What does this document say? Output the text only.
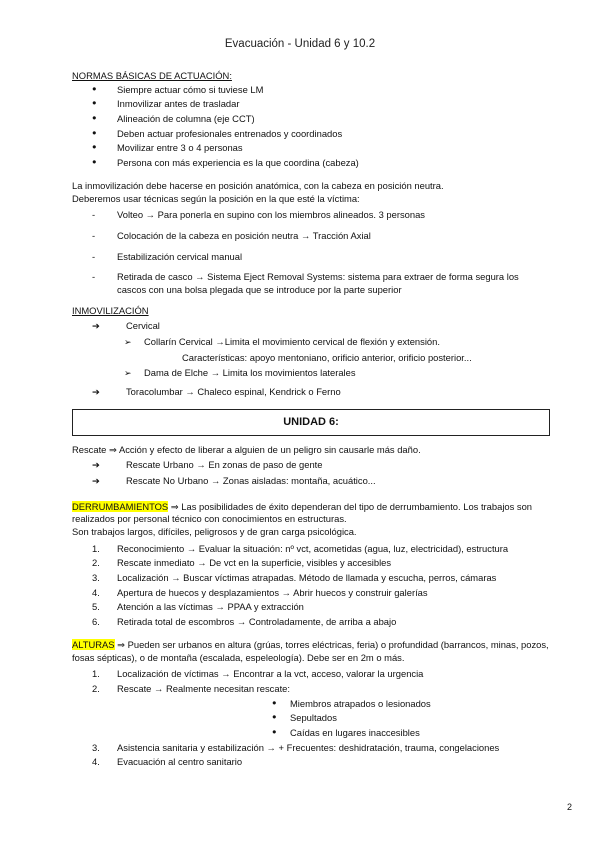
Evacuación - Unidad 6 y 10.2
NORMAS BÁSICAS DE ACTUACIÓN:
● Siempre actuar cómo si tuviese LM
● Inmovilizar antes de trasladar
● Alineación de columna (eje CCT)
● Deben actuar profesionales entrenados y coordinados
● Movilizar entre 3 o 4 personas
● Persona con más experiencia es la que coordina (cabeza)

La inmovilización debe hacerse en posición anatómica, con la cabeza en posición neutra.

Deberemos usar técnicas según la posición en la que esté la víctima:

- Volteo → Para ponerla en supino con los miembros alineados. 3 personas
- Colocación de la cabeza en posición neutra → Tracción Axial
- Estabilización cervical manual
- Retirada de casco → Sistema Eject Removal Systems: sistema para extraer de forma segura los cascos con una bolsa plegada que se introduce por la parte superior
INMOVILIZACIÓN
➔	Cervical
➢ Collarín Cervical →Limita el movimiento cervical de flexión y extensión.
Características: apoyo mentoniano, orificio anterior, orificio posterior...
➢ Dama de Elche → Limita los movimientos laterales
➔	Toracolumbar → Chaleco espinal, Kendrick o Ferno
UNIDAD 6:

Rescate ⇒ Acción y efecto de liberar a alguien de un peligro sin causarle más daño.

➔	Rescate Urbano → En zonas de paso de gente
➔	Rescate No Urbano → Zonas aisladas: montaña, acuático...

DERRUMBAMIENTOS ⇒ Las posibilidades de éxito dependeran del tipo de derrumbamiento. Los trabajos son realizados por personal técnico con conocimientos en estructuras.

Son trabajos largos, difíciles, peligrosos y de gran carga psicológica.

1. Reconocimiento → Evaluar la situación: nº vct, acometidas (agua, luz, electricidad), estructura
2. Rescate inmediato → De vct en la superficie, visibles y accesibles
3. Localización → Buscar víctimas atrapadas. Método de llamada y escucha, perros, cámaras
4. Apertura de huecos y desplazamientos → Abrir huecos y construir galerías
5. Atención a las víctimas → PPAA y extracción
6. Retirada total de escombros → Controladamente, de arriba a abajo

ALTURAS ⇒ Pueden ser urbanos en altura (grúas, torres eléctricas, feria) o profundidad (barrancos, minas, pozos, fosas sépticas), o de montaña (escalada, espeleología). Debe ser en 2m o más.

1. Localización de víctimas → Encontrar a la vct, acceso, valorar la urgencia
2. Rescate → Realmente necesitan rescate:
● Miembros atrapados o lesionados
● Sepultados
● Caídas en lugares inaccesibles
3. Asistencia sanitaria y estabilización → + Frecuentes: deshidratación, trauma, congelaciones
4. Evacuación al centro sanitario
2
